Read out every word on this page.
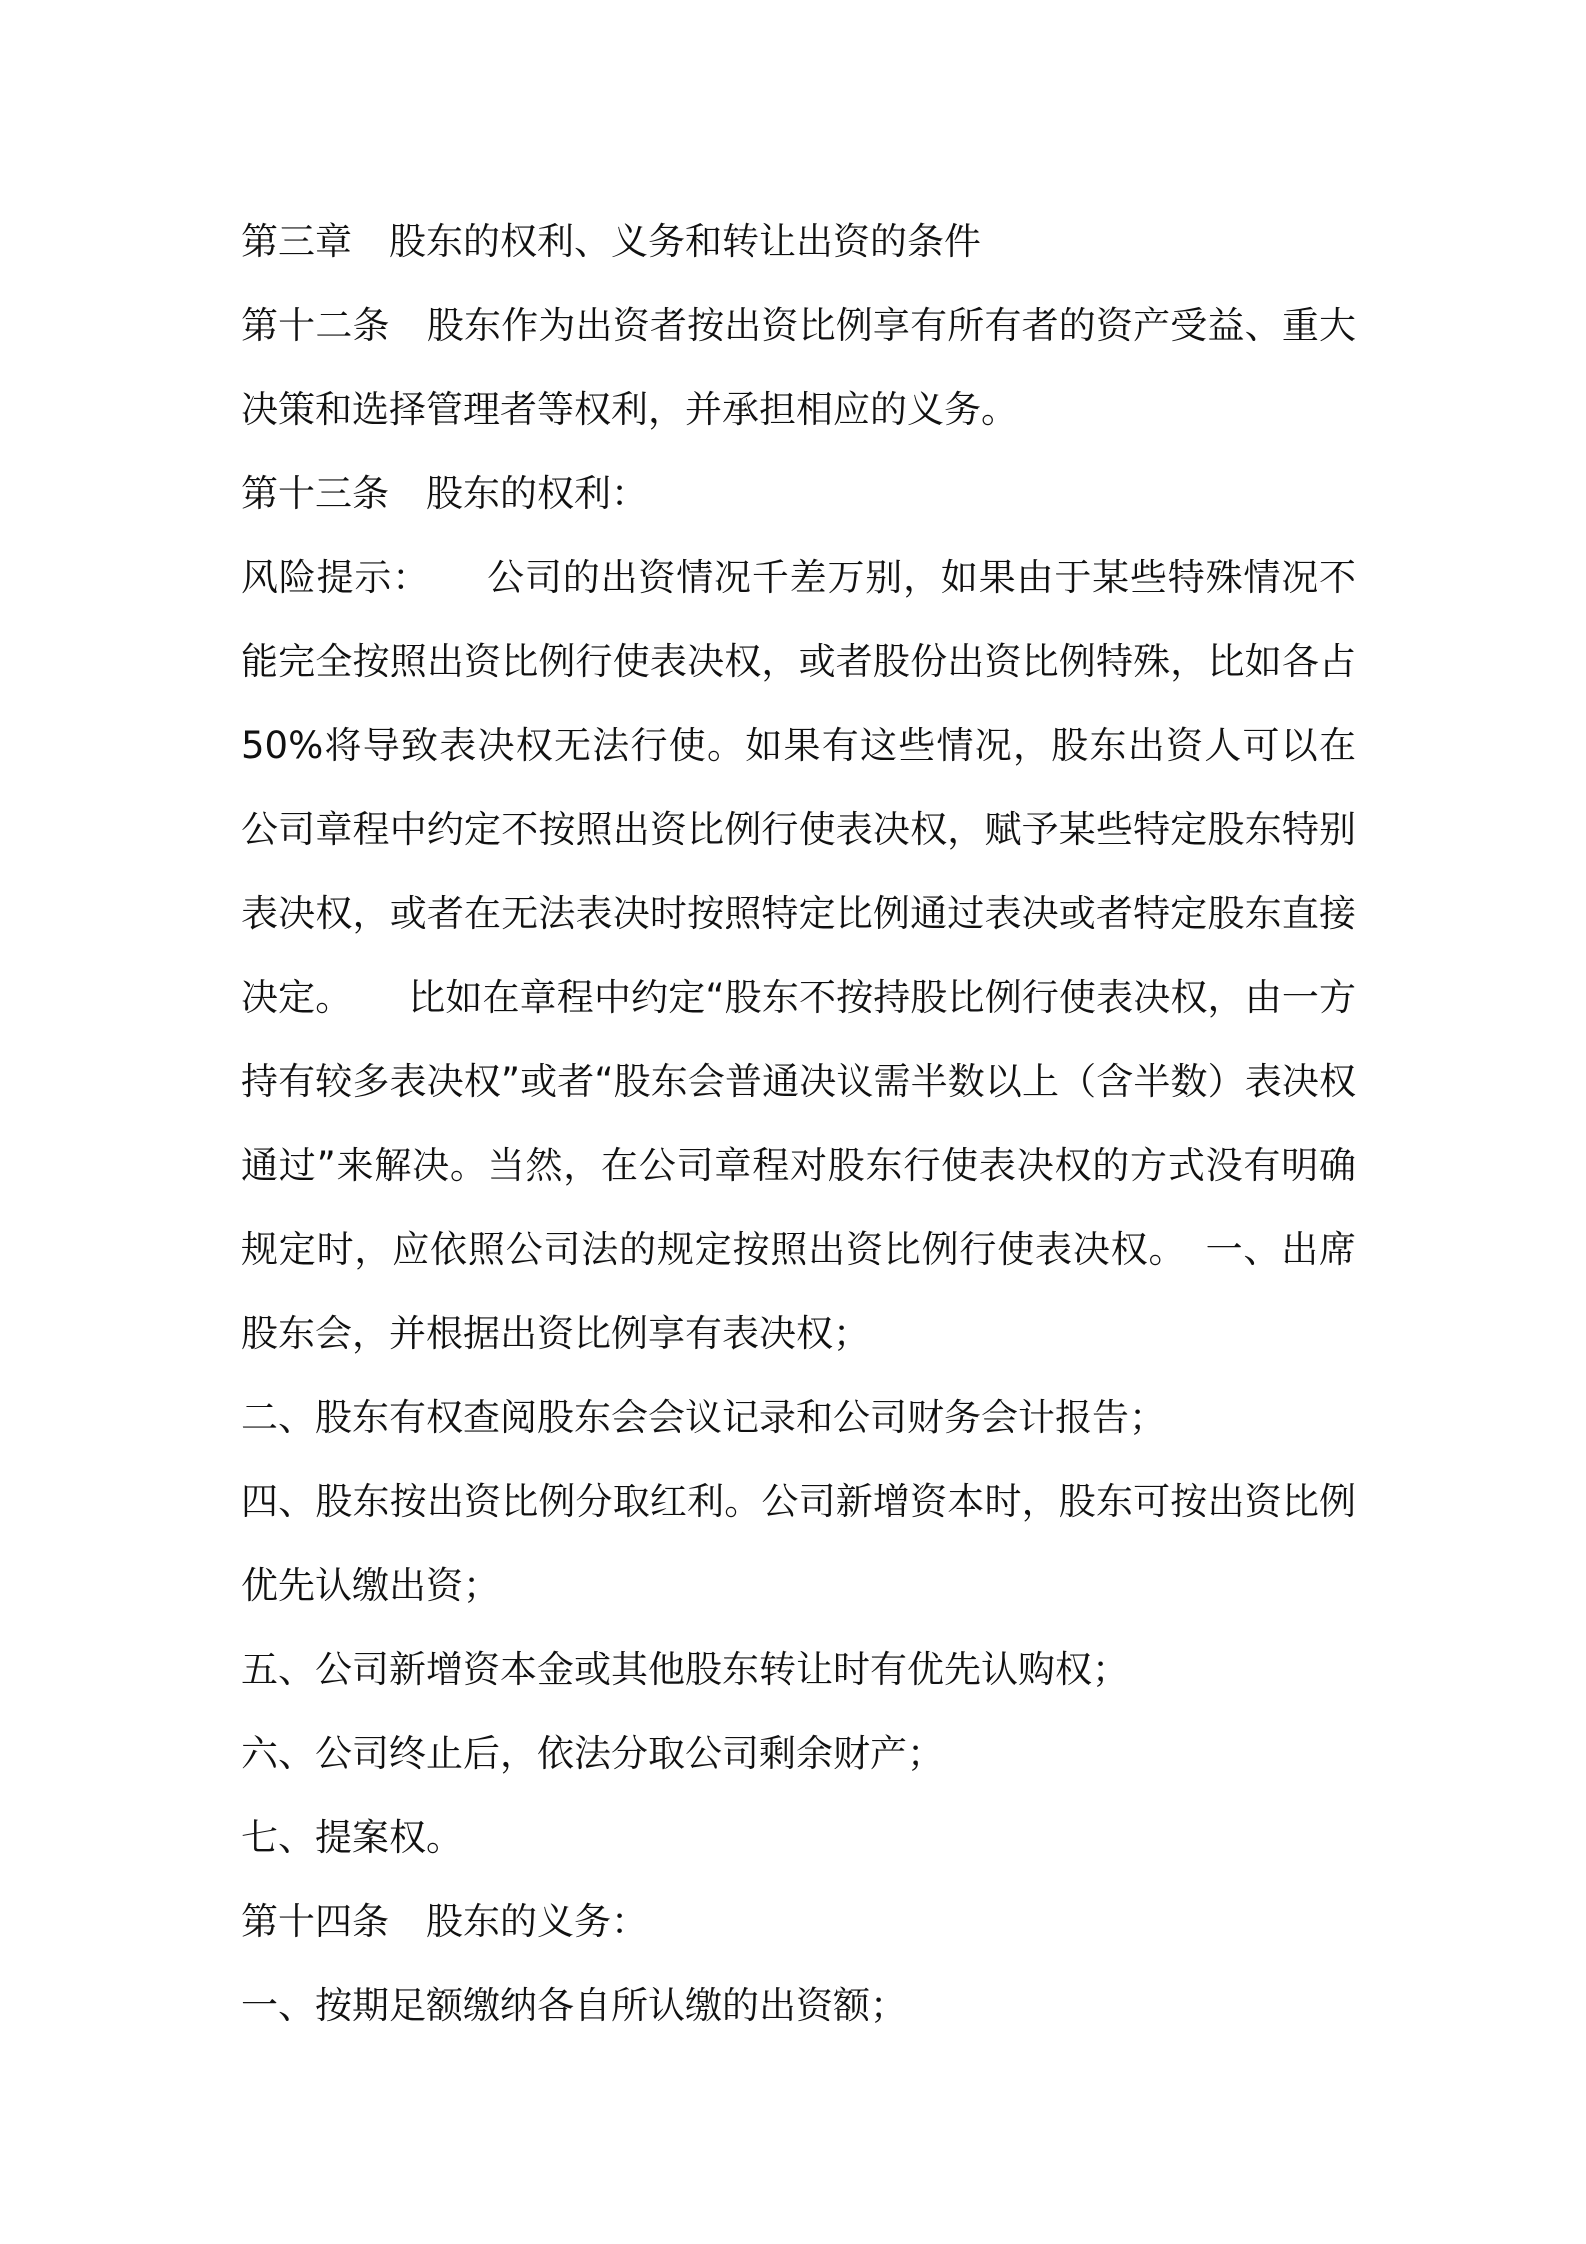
第三章　股东的权利、义务和转让出资的条件

第十二条　股东作为出资者按出资比例享有所有者的资产受益、重大决策和选择管理者等权利，并承担相应的义务。

第十三条　股东的权利：

风险提示：　　公司的出资情况千差万别，如果由于某些特殊情况不能完全按照出资比例行使表决权，或者股份出资比例特殊，比如各占50%将导致表决权无法行使。如果有这些情况，股东出资人可以在公司章程中约定不按照出资比例行使表决权，赋予某些特定股东特别表决权，或者在无法表决时按照特定比例通过表决或者特定股东直接决定。　　比如在章程中约定“股东不按持股比例行使表决权，由一方持有较多表决权”或者“股东会普通决议需半数以上（含半数）表决权通过”来解决。当然，在公司章程对股东行使表决权的方式没有明确规定时，应依照公司法的规定按照出资比例行使表决权。　一、出席股东会，并根据出资比例享有表决权；

二、股东有权查阅股东会会议记录和公司财务会计报告；

四、股东按出资比例分取红利。公司新增资本时，股东可按出资比例优先认缴出资；

五、公司新增资本金或其他股东转让时有优先认购权；

六、公司终止后，依法分取公司剩余财产；

七、提案权。

第十四条　股东的义务：

一、按期足额缴纳各自所认缴的出资额；
